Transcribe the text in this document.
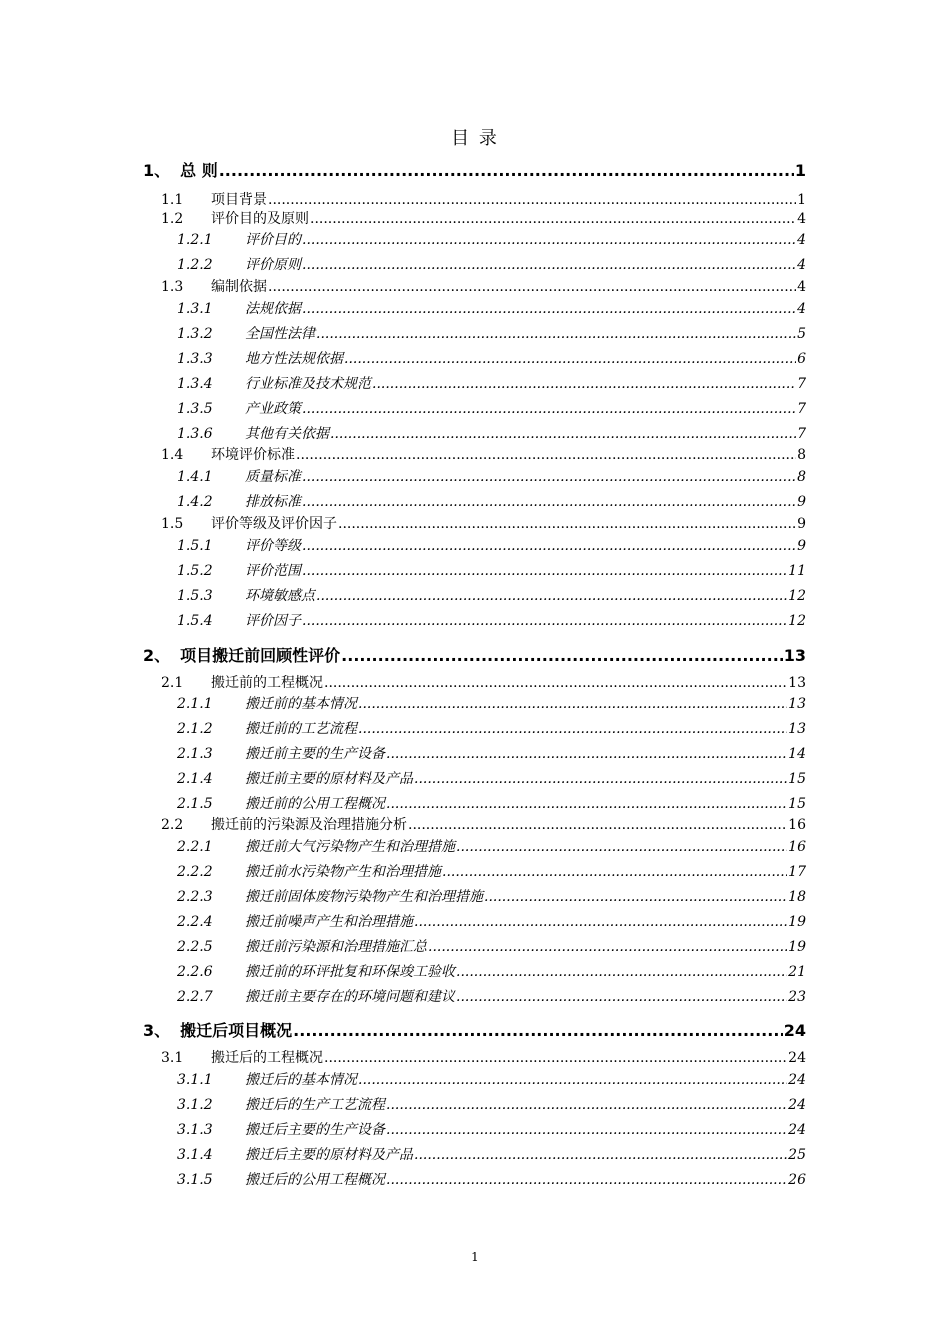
目 录
1、 总 则 .....	1
1.1	项目背景 .....	1
1.2	评价目的及原则 .....	4
1.2.1	评价目的 .....	4
1.2.2	评价原则 .....	4
1.3	编制依据 .....	4
1.3.1	法规依据 .....	4
1.3.2	全国性法律 .....	5
1.3.3	地方性法规依据 .....	6
1.3.4	行业标准及技术规范 .....	7
1.3.5	产业政策 .....	7
1.3.6	其他有关依据 .....	7
1.4	环境评价标准 .....	8
1.4.1	质量标准 .....	8
1.4.2	排放标准 .....	9
1.5	评价等级及评价因子 .....	9
1.5.1	评价等级 .....	9
1.5.2	评价范围 .....	11
1.5.3	环境敏感点 .....	12
1.5.4	评价因子 .....	12
2、 项目搬迁前回顾性评价 .....	13
2.1	搬迁前的工程概况 .....	13
2.1.1	搬迁前的基本情况 .....	13
2.1.2	搬迁前的工艺流程 .....	13
2.1.3	搬迁前主要的生产设备 .....	14
2.1.4	搬迁前主要的原材料及产品 .....	15
2.1.5	搬迁前的公用工程概况 .....	15
2.2	搬迁前的污染源及治理措施分析 .....	16
2.2.1	搬迁前大气污染物产生和治理措施 .....	16
2.2.2	搬迁前水污染物产生和治理措施 .....	17
2.2.3	搬迁前固体废物污染物产生和治理措施 .....	18
2.2.4	搬迁前噪声产生和治理措施 .....	19
2.2.5	搬迁前污染源和治理措施汇总 .....	19
2.2.6	搬迁前的环评批复和环保竣工验收 .....	21
2.2.7	搬迁前主要存在的环境问题和建议 .....	23
3、 搬迁后项目概况 .....	24
3.1	搬迁后的工程概况 .....	24
3.1.1	搬迁后的基本情况 .....	24
3.1.2	搬迁后的生产工艺流程 .....	24
3.1.3	搬迁后主要的生产设备 .....	24
3.1.4	搬迁后主要的原材料及产品 .....	25
3.1.5	搬迁后的公用工程概况 .....	26
1
